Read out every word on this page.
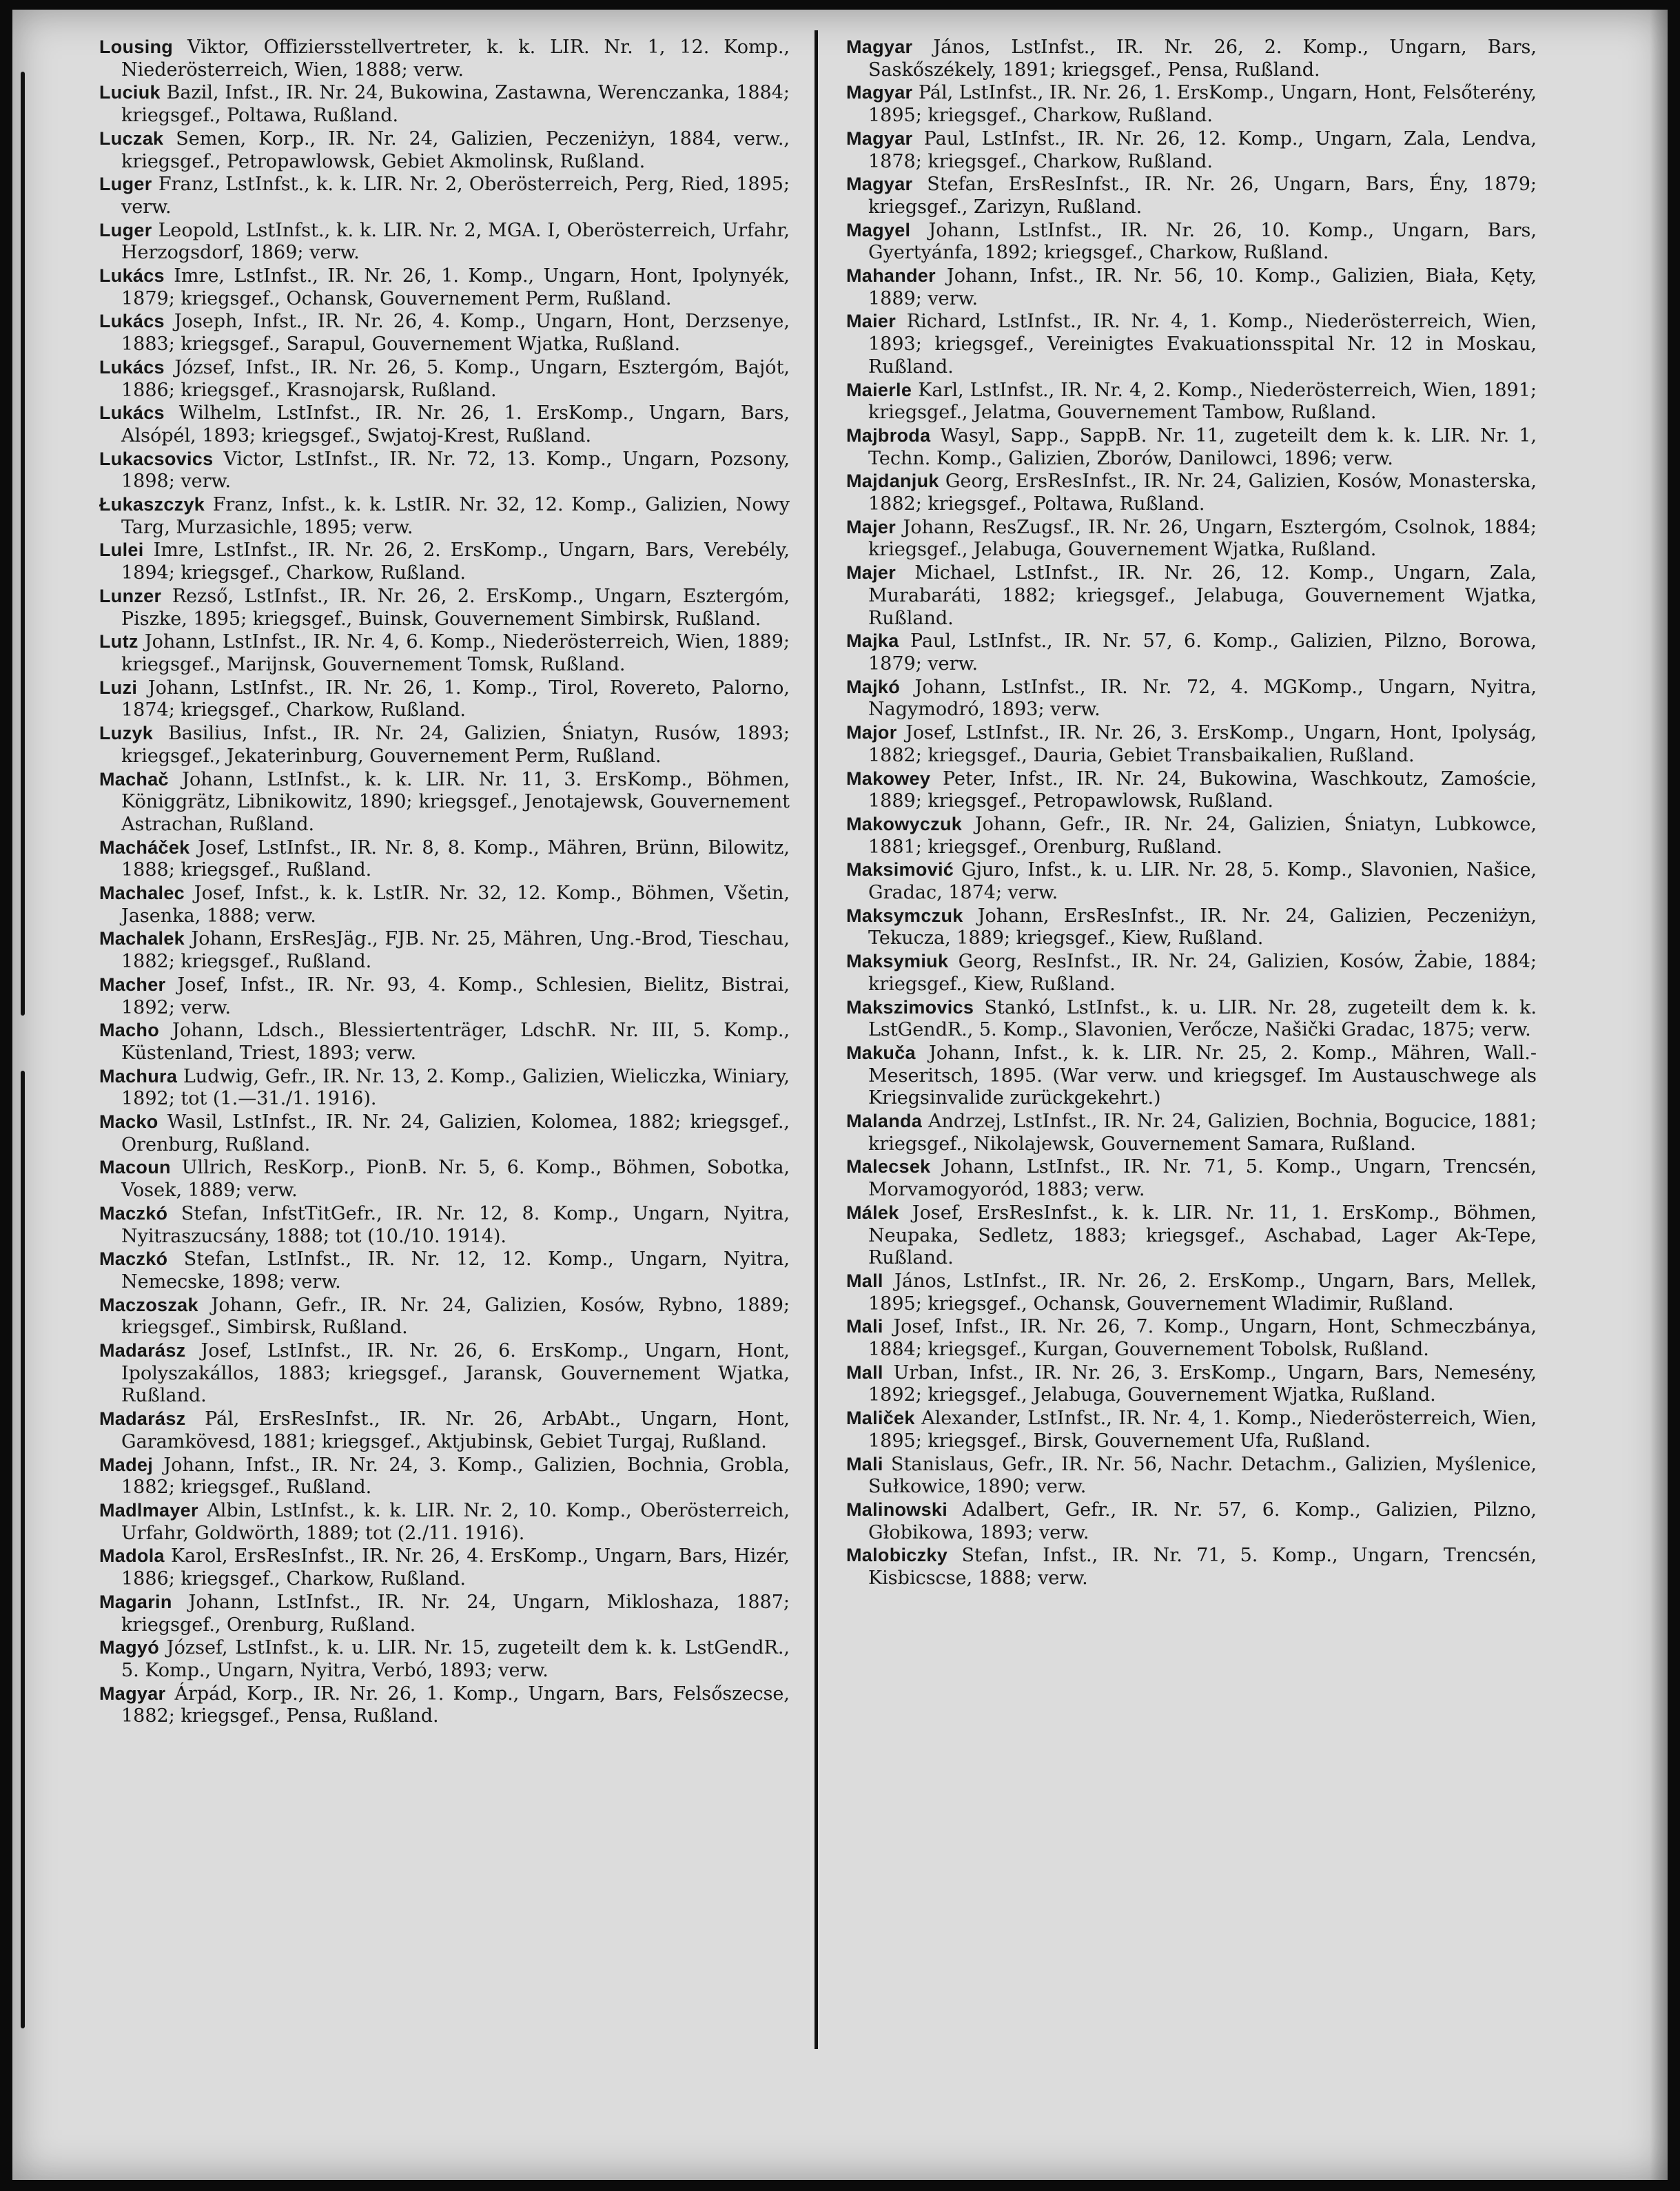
Lousing Viktor, Offiziersstellvertreter, k. k. LIR. Nr. 1, 12. Komp., Niederösterreich, Wien, 1888; verw.

Luciuk Bazil, Infst., IR. Nr. 24, Bukowina, Zastawna, Werenczanka, 1884; kriegsgef., Poltawa, Rußland.

Luczak Semen, Korp., IR. Nr. 24, Galizien, Peczeniżyn, 1884, verw., kriegsgef., Petropawlowsk, Gebiet Akmolinsk, Rußland.

Luger Franz, LstInfst., k. k. LIR. Nr. 2, Oberösterreich, Perg, Ried, 1895; verw.

Luger Leopold, LstInfst., k. k. LIR. Nr. 2, MGA. I, Oberösterreich, Urfahr, Herzogsdorf, 1869; verw.

Lukács Imre, LstInfst., IR. Nr. 26, 1. Komp., Ungarn, Hont, Ipolynyék, 1879; kriegsgef., Ochansk, Gouvernement Perm, Rußland.

Lukács Joseph, Infst., IR. Nr. 26, 4. Komp., Ungarn, Hont, Derzsenye, 1883; kriegsgef., Sarapul, Gouvernement Wjatka, Rußland.

Lukács József, Infst., IR. Nr. 26, 5. Komp., Ungarn, Esztergóm, Bajót, 1886; kriegsgef., Krasnojarsk, Rußland.

Lukács Wilhelm, LstInfst., IR. Nr. 26, 1. ErsKomp., Ungarn, Bars, Alsópél, 1893; kriegsgef., Swjatoj-Krest, Rußland.

Lukacsovics Victor, LstInfst., IR. Nr. 72, 13. Komp., Ungarn, Pozsony, 1898; verw.

Łukaszczyk Franz, Infst., k. k. LstIR. Nr. 32, 12. Komp., Galizien, Nowy Targ, Murzasichle, 1895; verw.

Lulei Imre, LstInfst., IR. Nr. 26, 2. ErsKomp., Ungarn, Bars, Verebély, 1894; kriegsgef., Charkow, Rußland.

Lunzer Rezső, LstInfst., IR. Nr. 26, 2. ErsKomp., Ungarn, Esztergóm, Piszke, 1895; kriegsgef., Buinsk, Gouvernement Simbirsk, Rußland.

Lutz Johann, LstInfst., IR. Nr. 4, 6. Komp., Niederösterreich, Wien, 1889; kriegsgef., Marijnsk, Gouvernement Tomsk, Rußland.

Luzi Johann, LstInfst., IR. Nr. 26, 1. Komp., Tirol, Rovereto, Palorno, 1874; kriegsgef., Charkow, Rußland.

Luzyk Basilius, Infst., IR. Nr. 24, Galizien, Śniatyn, Rusów, 1893; kriegsgef., Jekaterinburg, Gouvernement Perm, Rußland.

Machač Johann, LstInfst., k. k. LIR. Nr. 11, 3. ErsKomp., Böhmen, Königgrätz, Libnikowitz, 1890; kriegsgef., Jenotajewsk, Gouvernement Astrachan, Rußland.

Macháček Josef, LstInfst., IR. Nr. 8, 8. Komp., Mähren, Brünn, Bilowitz, 1888; kriegsgef., Rußland.

Machalec Josef, Infst., k. k. LstIR. Nr. 32, 12. Komp., Böhmen, Všetin, Jasenka, 1888; verw.

Machalek Johann, ErsResJäg., FJB. Nr. 25, Mähren, Ung.-Brod, Tieschau, 1882; kriegsgef., Rußland.

Macher Josef, Infst., IR. Nr. 93, 4. Komp., Schlesien, Bielitz, Bistrai, 1892; verw.

Macho Johann, Ldsch., Blessiertenträger, LdschR. Nr. III, 5. Komp., Küstenland, Triest, 1893; verw.

Machura Ludwig, Gefr., IR. Nr. 13, 2. Komp., Galizien, Wieliczka, Winiary, 1892; tot (1.—31./1. 1916).

Macko Wasil, LstInfst., IR. Nr. 24, Galizien, Kolomea, 1882; kriegsgef., Orenburg, Rußland.

Macoun Ullrich, ResKorp., PionB. Nr. 5, 6. Komp., Böhmen, Sobotka, Vosek, 1889; verw.

Maczkó Stefan, InfstTitGefr., IR. Nr. 12, 8. Komp., Ungarn, Nyitra, Nyitraszucsány, 1888; tot (10./10. 1914).

Maczkó Stefan, LstInfst., IR. Nr. 12, 12. Komp., Ungarn, Nyitra, Nemecske, 1898; verw.

Maczoszak Johann, Gefr., IR. Nr. 24, Galizien, Kosów, Rybno, 1889; kriegsgef., Simbirsk, Rußland.

Madarász Josef, LstInfst., IR. Nr. 26, 6. ErsKomp., Ungarn, Hont, Ipolyszakállos, 1883; kriegsgef., Jaransk, Gouvernement Wjatka, Rußland.

Madarász Pál, ErsResInfst., IR. Nr. 26, ArbAbt., Ungarn, Hont, Garamkövesd, 1881; kriegsgef., Aktjubinsk, Gebiet Turgaj, Rußland.

Madej Johann, Infst., IR. Nr. 24, 3. Komp., Galizien, Bochnia, Grobla, 1882; kriegsgef., Rußland.

Madlmayer Albin, LstInfst., k. k. LIR. Nr. 2, 10. Komp., Oberösterreich, Urfahr, Goldwörth, 1889; tot (2./11. 1916).

Madola Karol, ErsResInfst., IR. Nr. 26, 4. ErsKomp., Ungarn, Bars, Hizér, 1886; kriegsgef., Charkow, Rußland.

Magarin Johann, LstInfst., IR. Nr. 24, Ungarn, Mikloshaza, 1887; kriegsgef., Orenburg, Rußland.

Magyó József, LstInfst., k. u. LIR. Nr. 15, zugeteilt dem k. k. LstGendR., 5. Komp., Ungarn, Nyitra, Verbó, 1893; verw.

Magyar Árpád, Korp., IR. Nr. 26, 1. Komp., Ungarn, Bars, Felsőszecse, 1882; kriegsgef., Pensa, Rußland.

Magyar János, LstInfst., IR. Nr. 26, 2. Komp., Ungarn, Bars, Saskőszékely, 1891; kriegsgef., Pensa, Rußland.

Magyar Pál, LstInfst., IR. Nr. 26, 1. ErsKomp., Ungarn, Hont, Felsőterény, 1895; kriegsgef., Charkow, Rußland.

Magyar Paul, LstInfst., IR. Nr. 26, 12. Komp., Ungarn, Zala, Lendva, 1878; kriegsgef., Charkow, Rußland.

Magyar Stefan, ErsResInfst., IR. Nr. 26, Ungarn, Bars, Ény, 1879; kriegsgef., Zarizyn, Rußland.

Magyel Johann, LstInfst., IR. Nr. 26, 10. Komp., Ungarn, Bars, Gyertyánfa, 1892; kriegsgef., Charkow, Rußland.

Mahander Johann, Infst., IR. Nr. 56, 10. Komp., Galizien, Biała, Kęty, 1889; verw.

Maier Richard, LstInfst., IR. Nr. 4, 1. Komp., Niederösterreich, Wien, 1893; kriegsgef., Vereinigtes Evakuationsspital Nr. 12 in Moskau, Rußland.

Maierle Karl, LstInfst., IR. Nr. 4, 2. Komp., Niederösterreich, Wien, 1891; kriegsgef., Jelatma, Gouvernement Tambow, Rußland.

Majbroda Wasyl, Sapp., SappB. Nr. 11, zugeteilt dem k. k. LIR. Nr. 1, Techn. Komp., Galizien, Zborów, Danilowci, 1896; verw.

Majdanjuk Georg, ErsResInfst., IR. Nr. 24, Galizien, Kosów, Monasterska, 1882; kriegsgef., Poltawa, Rußland.

Majer Johann, ResZugsf., IR. Nr. 26, Ungarn, Esztergóm, Csolnok, 1884; kriegsgef., Jelabuga, Gouvernement Wjatka, Rußland.

Majer Michael, LstInfst., IR. Nr. 26, 12. Komp., Ungarn, Zala, Murabaráti, 1882; kriegsgef., Jelabuga, Gouvernement Wjatka, Rußland.

Majka Paul, LstInfst., IR. Nr. 57, 6. Komp., Galizien, Pilzno, Borowa, 1879; verw.

Majkó Johann, LstInfst., IR. Nr. 72, 4. MGKomp., Ungarn, Nyitra, Nagymodró, 1893; verw.

Major Josef, LstInfst., IR. Nr. 26, 3. ErsKomp., Ungarn, Hont, Ipolyság, 1882; kriegsgef., Dauria, Gebiet Transbaikalien, Rußland.

Makowey Peter, Infst., IR. Nr. 24, Bukowina, Waschkoutz, Zamoście, 1889; kriegsgef., Petropawlowsk, Rußland.

Makowyczuk Johann, Gefr., IR. Nr. 24, Galizien, Śniatyn, Lubkowce, 1881; kriegsgef., Orenburg, Rußland.

Maksimović Gjuro, Infst., k. u. LIR. Nr. 28, 5. Komp., Slavonien, Našice, Gradac, 1874; verw.

Maksymczuk Johann, ErsResInfst., IR. Nr. 24, Galizien, Peczeniżyn, Tekucza, 1889; kriegsgef., Kiew, Rußland.

Maksymiuk Georg, ResInfst., IR. Nr. 24, Galizien, Kosów, Żabie, 1884; kriegsgef., Kiew, Rußland.

Makszimovics Stankó, LstInfst., k. u. LIR. Nr. 28, zugeteilt dem k. k. LstGendR., 5. Komp., Slavonien, Verőcze, Našički Gradac, 1875; verw.

Makuča Johann, Infst., k. k. LIR. Nr. 25, 2. Komp., Mähren, Wall.-Meseritsch, 1895. (War verw. und kriegsgef. Im Austauschwege als Kriegsinvalide zurückgekehrt.)

Malanda Andrzej, LstInfst., IR. Nr. 24, Galizien, Bochnia, Bogucice, 1881; kriegsgef., Nikolajewsk, Gouvernement Samara, Rußland.

Malecsek Johann, LstInfst., IR. Nr. 71, 5. Komp., Ungarn, Trencsén, Morvamogyoród, 1883; verw.

Málek Josef, ErsResInfst., k. k. LIR. Nr. 11, 1. ErsKomp., Böhmen, Neupaka, Sedletz, 1883; kriegsgef., Aschabad, Lager Ak-Tepe, Rußland.

Mall János, LstInfst., IR. Nr. 26, 2. ErsKomp., Ungarn, Bars, Mellek, 1895; kriegsgef., Ochansk, Gouvernement Wladimir, Rußland.

Mali Josef, Infst., IR. Nr. 26, 7. Komp., Ungarn, Hont, Schmeczbánya, 1884; kriegsgef., Kurgan, Gouvernement Tobolsk, Rußland.

Mall Urban, Infst., IR. Nr. 26, 3. ErsKomp., Ungarn, Bars, Nemesény, 1892; kriegsgef., Jelabuga, Gouvernement Wjatka, Rußland.

Maliček Alexander, LstInfst., IR. Nr. 4, 1. Komp., Niederösterreich, Wien, 1895; kriegsgef., Birsk, Gouvernement Ufa, Rußland.

Mali Stanislaus, Gefr., IR. Nr. 56, Nachr. Detachm., Galizien, Myślenice, Sułkowice, 1890; verw.

Malinowski Adalbert, Gefr., IR. Nr. 57, 6. Komp., Galizien, Pilzno, Głobikowa, 1893; verw.

Malobiczky Stefan, Infst., IR. Nr. 71, 5. Komp., Ungarn, Trencsén, Kisbicscse, 1888; verw.
